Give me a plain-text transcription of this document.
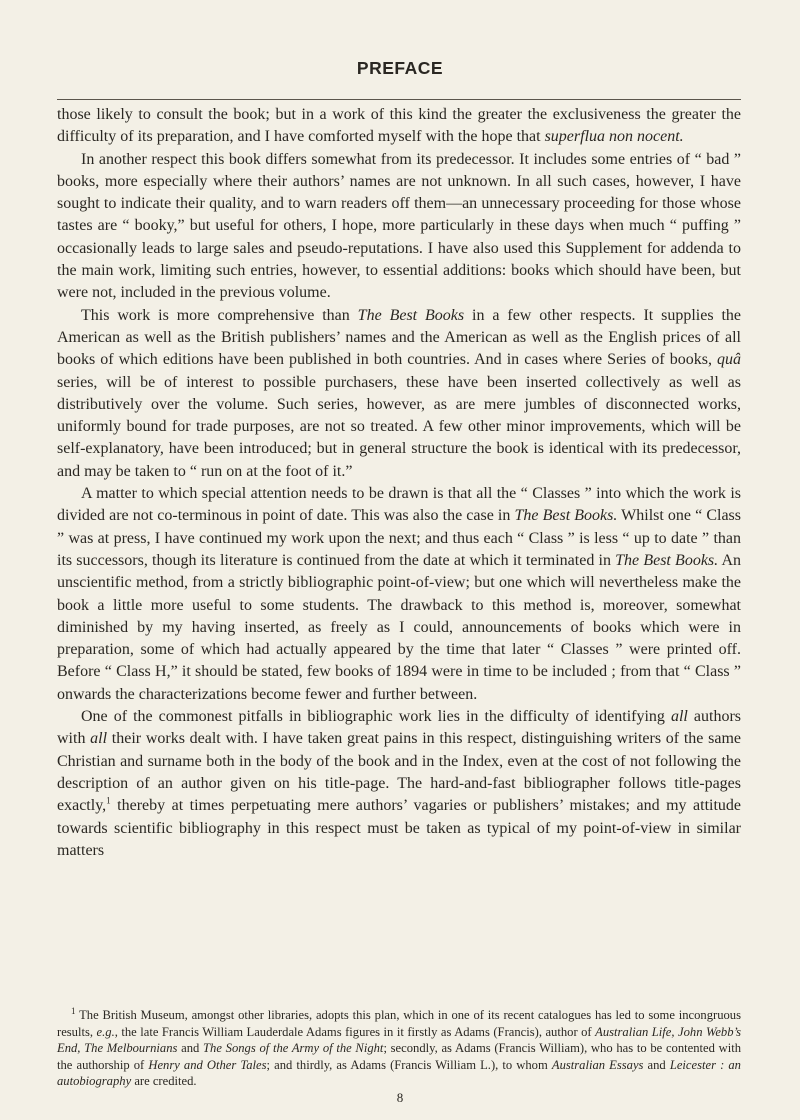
PREFACE

those likely to consult the book; but in a work of this kind the greater the exclusiveness the greater the difficulty of its preparation, and I have comforted myself with the hope that superflua non nocent.

In another respect this book differs somewhat from its predecessor. It includes some entries of “ bad ” books, more especially where their authors’ names are not unknown. In all such cases, however, I have sought to indicate their quality, and to warn readers off them—an unnecessary proceeding for those whose tastes are “ booky,” but useful for others, I hope, more particularly in these days when much “ puffing ” occasionally leads to large sales and pseudo-reputations. I have also used this Supplement for addenda to the main work, limiting such entries, however, to essential additions: books which should have been, but were not, included in the previous volume.

This work is more comprehensive than The Best Books in a few other respects. It supplies the American as well as the British publishers’ names and the American as well as the English prices of all books of which editions have been published in both countries. And in cases where Series of books, quâ series, will be of interest to possible purchasers, these have been inserted collectively as well as distributively over the volume. Such series, however, as are mere jumbles of disconnected works, uniformly bound for trade purposes, are not so treated. A few other minor improvements, which will be self-explanatory, have been introduced; but in general structure the book is identical with its predecessor, and may be taken to “ run on at the foot of it.”

A matter to which special attention needs to be drawn is that all the “ Classes ” into which the work is divided are not co-terminous in point of date. This was also the case in The Best Books. Whilst one “ Class ” was at press, I have continued my work upon the next; and thus each “ Class ” is less “ up to date ” than its successors, though its literature is continued from the date at which it terminated in The Best Books. An unscientific method, from a strictly bibliographic point-of-view; but one which will nevertheless make the book a little more useful to some students. The drawback to this method is, moreover, somewhat diminished by my having inserted, as freely as I could, announcements of books which were in preparation, some of which had actually appeared by the time that later “ Classes ” were printed off. Before “ Class H,” it should be stated, few books of 1894 were in time to be included ; from that “ Class ” onwards the characterizations become fewer and further between.

One of the commonest pitfalls in bibliographic work lies in the difficulty of identifying all authors with all their works dealt with. I have taken great pains in this respect, distinguishing writers of the same Christian and surname both in the body of the book and in the Index, even at the cost of not following the description of an author given on his title-page. The hard-and-fast bibliographer follows title-pages exactly,$^1$ thereby at times perpetuating mere authors’ vagaries or publishers’ mistakes; and my attitude towards scientific bibliography in this respect must be taken as typical of my point-of-view in similar matters

$^1$ The British Museum, amongst other libraries, adopts this plan, which in one of its recent catalogues has led to some incongruous results, e.g., the late Francis William Lauderdale Adams figures in it firstly as Adams (Francis), author of Australian Life, John Webb’s End, The Melbournians and The Songs of the Army of the Night; secondly, as Adams (Francis William), who has to be contented with the authorship of Henry and Other Tales; and thirdly, as Adams (Francis William L.), to whom Australian Essays and Leicester : an autobiography are credited.

8
